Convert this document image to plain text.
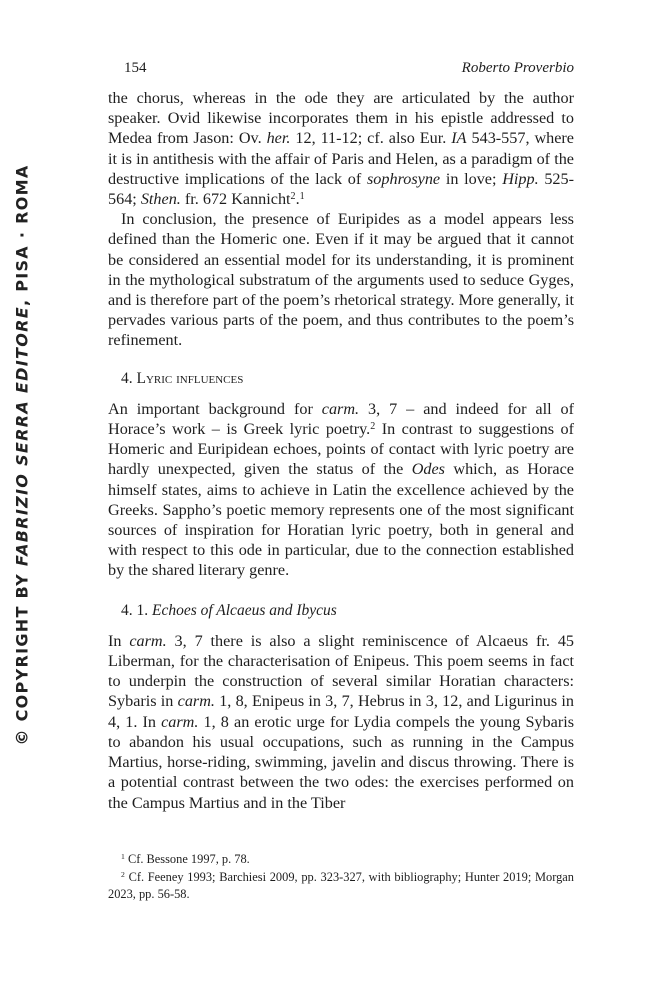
© COPYRIGHT BY FABRIZIO SERRA EDITORE, PISA · ROMA
154	Roberto Proverbio

the chorus, whereas in the ode they are articulated by the author speaker. Ovid likewise incorporates them in his epistle addressed to Medea from Jason: Ov. her. 12, 11-12; cf. also Eur. IA 543-557, where it is in antithesis with the affair of Paris and Helen, as a paradigm of the destructive implications of the lack of sophrosyne in love; Hipp. 525-564; Sthen. fr. 672 Kannicht$^2$.$^1$

In conclusion, the presence of Euripides as a model appears less defined than the Homeric one. Even if it may be argued that it cannot be considered an essential model for its understanding, it is prominent in the mythological substratum of the arguments used to seduce Gyges, and is therefore part of the poem’s rhetorical strategy. More generally, it pervades various parts of the poem, and thus contributes to the poem’s refinement.

4. Lyric influences

An important background for carm. 3, 7 – and indeed for all of Horace’s work – is Greek lyric poetry.$^2$ In contrast to suggestions of Homeric and Euripidean echoes, points of contact with lyric poetry are hardly unexpected, given the status of the Odes which, as Horace himself states, aims to achieve in Latin the excellence achieved by the Greeks. Sappho’s poetic memory represents one of the most significant sources of inspiration for Horatian lyric poetry, both in general and with respect to this ode in particular, due to the connection established by the shared literary genre.

4. 1. Echoes of Alcaeus and Ibycus

In carm. 3, 7 there is also a slight reminiscence of Alcaeus fr. 45 Liberman, for the characterisation of Enipeus. This poem seems in fact to underpin the construction of several similar Horatian characters: Sybaris in carm. 1, 8, Enipeus in 3, 7, Hebrus in 3, 12, and Ligurinus in 4, 1. In carm. 1, 8 an erotic urge for Lydia compels the young Sybaris to abandon his usual occupations, such as running in the Campus Martius, horse-riding, swimming, javelin and discus throwing. There is a potential contrast between the two odes: the exercises performed on the Campus Martius and in the Tiber

$^1$ Cf. Bessone 1997, p. 78.

$^2$ Cf. Feeney 1993; Barchiesi 2009, pp. 323-327, with bibliography; Hunter 2019; Morgan 2023, pp. 56-58.
